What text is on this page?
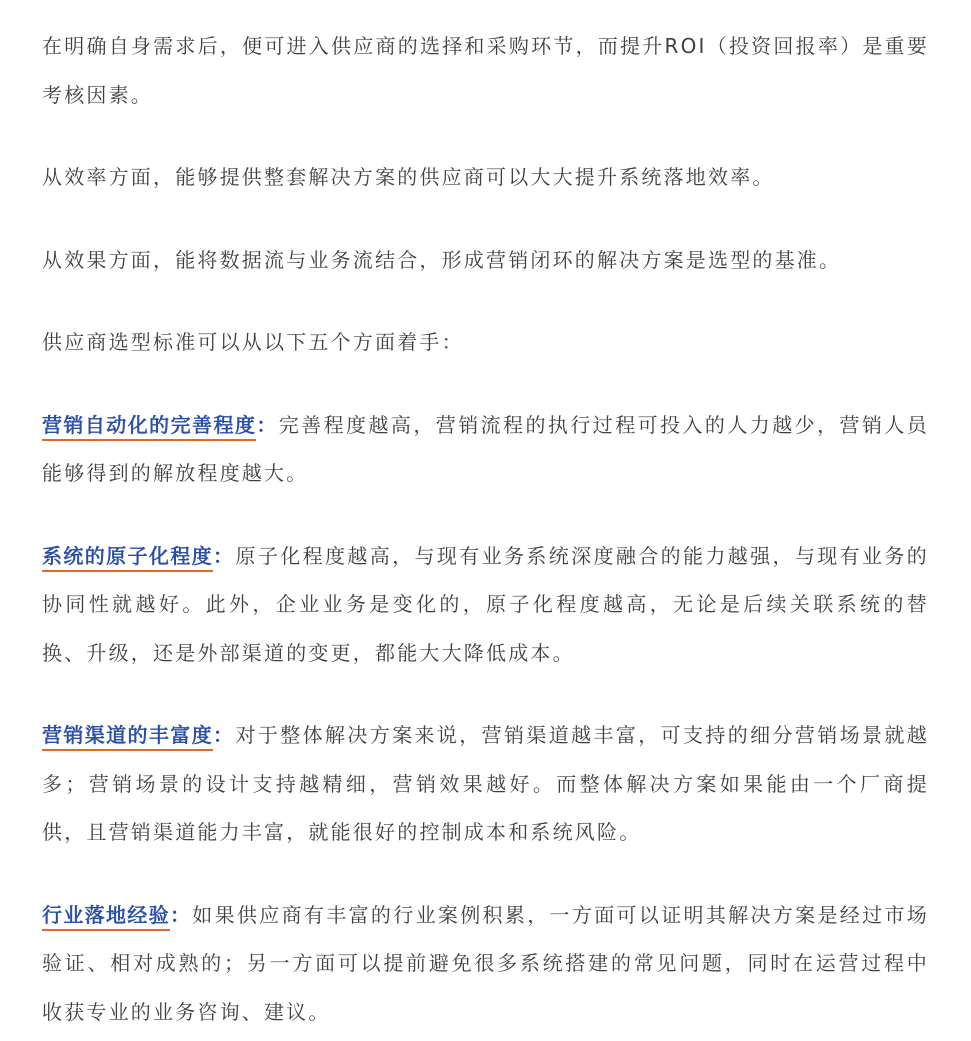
在明确自身需求后，便可进入供应商的选择和采购环节，而提升ROI（投资回报率）是重要考核因素。

从效率方面，能够提供整套解决方案的供应商可以大大提升系统落地效率。

从效果方面，能将数据流与业务流结合，形成营销闭环的解决方案是选型的基准。

供应商选型标准可以从以下五个方面着手：

营销自动化的完善程度：完善程度越高，营销流程的执行过程可投入的人力越少，营销人员能够得到的解放程度越大。

系统的原子化程度：原子化程度越高，与现有业务系统深度融合的能力越强，与现有业务的协同性就越好。此外，企业业务是变化的，原子化程度越高，无论是后续关联系统的替换、升级，还是外部渠道的变更，都能大大降低成本。

营销渠道的丰富度：对于整体解决方案来说，营销渠道越丰富，可支持的细分营销场景就越多；营销场景的设计支持越精细，营销效果越好。而整体解决方案如果能由一个厂商提供，且营销渠道能力丰富，就能很好的控制成本和系统风险。

行业落地经验：如果供应商有丰富的行业案例积累，一方面可以证明其解决方案是经过市场验证、相对成熟的；另一方面可以提前避免很多系统搭建的常见问题，同时在运营过程中收获专业的业务咨询、建议。
